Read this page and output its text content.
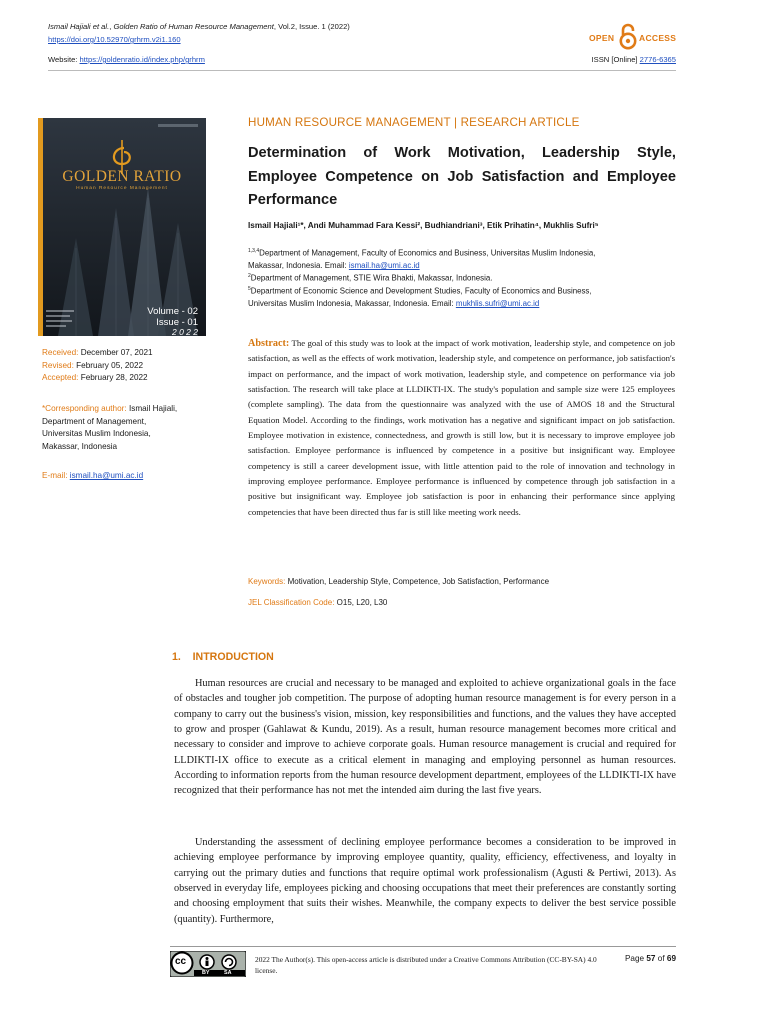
Ismail Hajiali et al., Golden Ratio of Human Resource Management, Vol.2, Issue. 1 (2022)
https://doi.org/10.52970/grhrm.v2i1.160
Website: https://goldenratio.id/index.php/grhrm	ISSN [Online] 2776-6365
OPEN	ACCESS
GOLDEN RATIO
Human Resource Management
Volume - 02
Issue - 01
2 0 2 2
Received: December 07, 2021
Revised: February 05, 2022
Accepted: February 28, 2022
*Corresponding author: Ismail Hajiali,
Department of Management,
Universitas Muslim Indonesia,
Makassar, Indonesia
E-mail: ismail.ha@umi.ac.id
HUMAN RESOURCE MANAGEMENT | RESEARCH ARTICLE
Determination of Work Motivation, Leadership Style, Employee Competence on Job Satisfaction and Employee Performance
Ismail Hajiali¹*, Andi Muhammad Fara Kessi², Budhiandriani³, Etik Prihatin⁴, Mukhlis Sufri⁵
$^{1,3,4}$Department of Management, Faculty of Economics and Business, Universitas Muslim Indonesia,
Makassar, Indonesia. Email: ismail.ha@umi.ac.id
$^2$Department of Management, STIE Wira Bhakti, Makassar, Indonesia.
$^5$Department of Economic Science and Development Studies, Faculty of Economics and Business,
Universitas Muslim Indonesia, Makassar, Indonesia. Email: mukhlis.sufri@umi.ac.id
Abstract: The goal of this study was to look at the impact of work motivation, leadership style, and competence on job satisfaction, as well as the effects of work motivation, leadership style, and competence on performance, job satisfaction's impact on performance, and the impact of work motivation, leadership style, and competence on performance via job satisfaction. The research will take place at LLDIKTI-IX. The study's population and sample size were 125 employees (complete sampling). The data from the questionnaire was analyzed with the use of AMOS 18 and the Structural Equation Model. According to the findings, work motivation has a negative and significant impact on job satisfaction. Employee motivation in existence, connectedness, and growth is still low, but it is necessary to improve employee job satisfaction. Employee performance is influenced by competence in a positive but insignificant way. Employee competency is still a career development issue, with little attention paid to the role of innovation and technology in improving employee performance. Employee performance is influenced by competence through job satisfaction in a positive but insignificant way. Employee job satisfaction is poor in enhancing their performance since applying competencies that have been directed thus far is still like meeting work needs.
Keywords: Motivation, Leadership Style, Competence, Job Satisfaction, Performance
JEL Classification Code: O15, L20, L30
1.    INTRODUCTION
Human resources are crucial and necessary to be managed and exploited to achieve organizational goals in the face of obstacles and tougher job competition. The purpose of adopting human resource management is for every person in a company to carry out the business's vision, mission, key responsibilities and functions, and the values they have accepted to grow and prosper (Gahlawat & Kundu, 2019). As a result, human resource management becomes more critical and necessary to consider and improve to achieve corporate goals. Human resource management is crucial and required for LLDIKTI-IX office to execute as a critical element in managing and employing personnel as human resources. According to information reports from the human resource development department, employees of the LLDIKTI-IX have recognized that their performance has not met the intended aim during the last five years.
Understanding the assessment of declining employee performance becomes a consideration to be improved in achieving employee performance by improving employee quantity, quality, efficiency, effectiveness, and loyalty in carrying out the primary duties and functions that require optimal work professionalism (Agusti & Pertiwi, 2013). As observed in everyday life, employees picking and choosing occupations that meet their preferences are constantly sorting and choosing employment that suits their wishes. Meanwhile, the company expects to deliver the best service possible (quantity). Furthermore,
cc
BY	SA
2022 The Author(s). This open-access article is distributed under a Creative Commons Attribution (CC-BY-SA) 4.0 license.
Page 57 of 69
